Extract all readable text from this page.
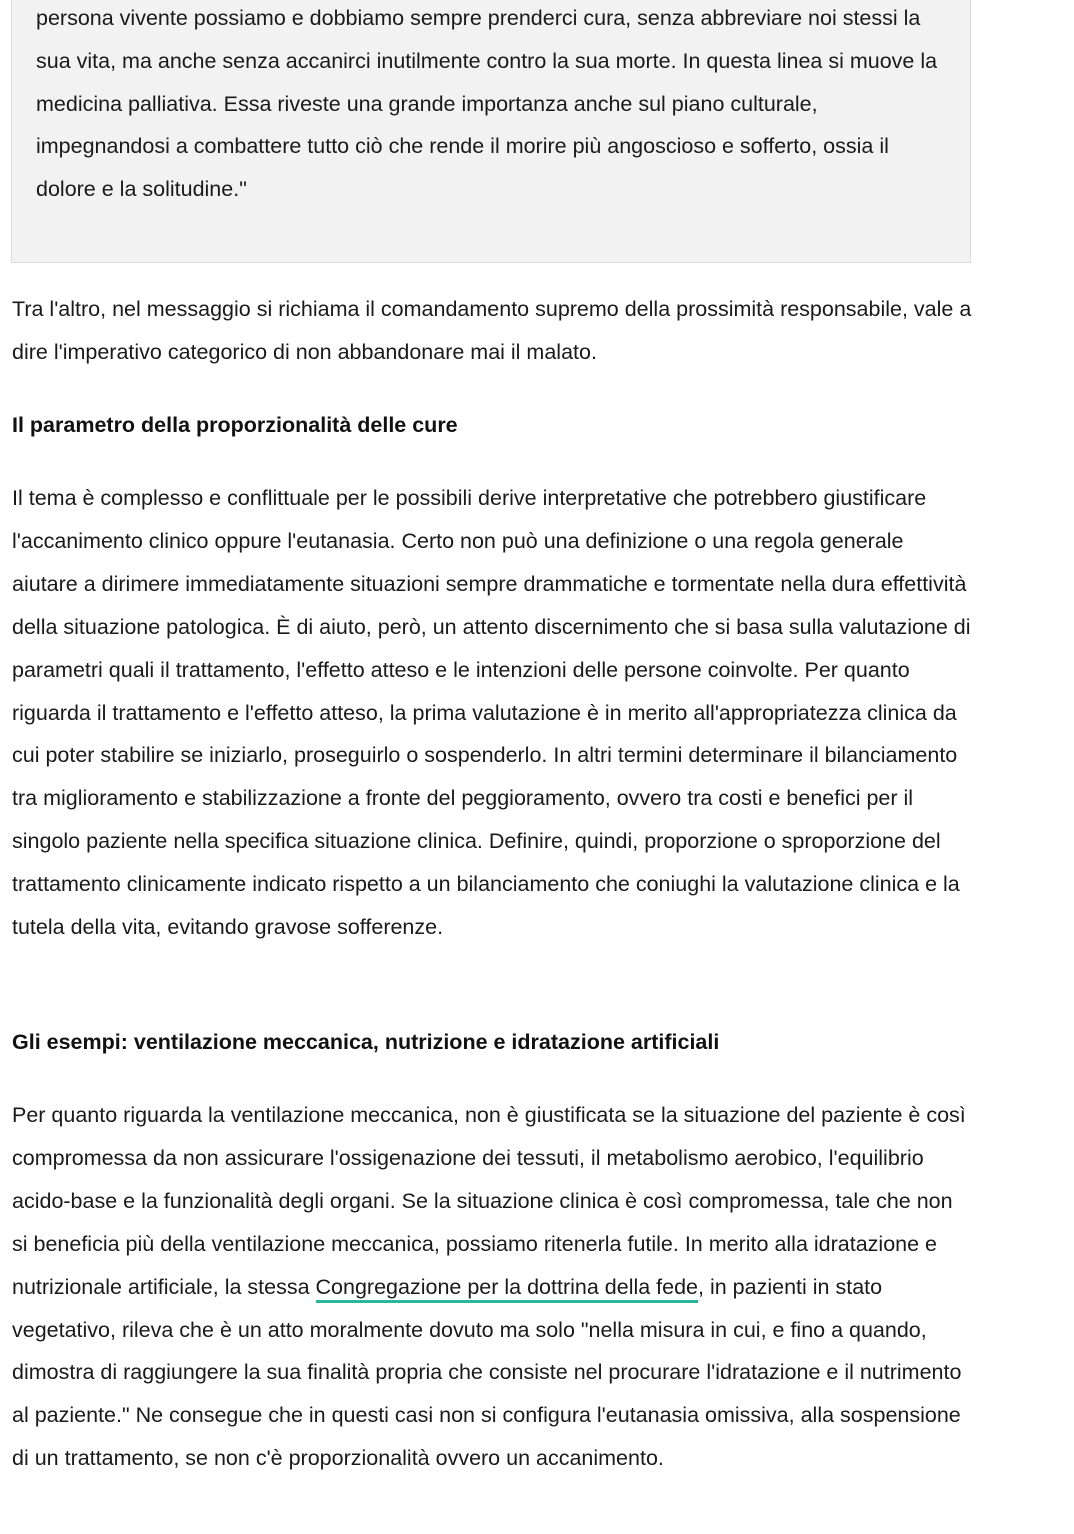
persona vivente possiamo e dobbiamo sempre prenderci cura, senza abbreviare noi stessi la sua vita, ma anche senza accanirci inutilmente contro la sua morte. In questa linea si muove la medicina palliativa. Essa riveste una grande importanza anche sul piano culturale, impegnandosi a combattere tutto ciò che rende il morire più angoscioso e sofferto, ossia il dolore e la solitudine."

Tra l'altro, nel messaggio si richiama il comandamento supremo della prossimità responsabile, vale a dire l'imperativo categorico di non abbandonare mai il malato.

Il parametro della proporzionalità delle cure

Il tema è complesso e conflittuale per le possibili derive interpretative che potrebbero giustificare l'accanimento clinico oppure l'eutanasia. Certo non può una definizione o una regola generale aiutare a dirimere immediatamente situazioni sempre drammatiche e tormentate nella dura effettività della situazione patologica. È di aiuto, però, un attento discernimento che si basa sulla valutazione di parametri quali il trattamento, l'effetto atteso e le intenzioni delle persone coinvolte. Per quanto riguarda il trattamento e l'effetto atteso, la prima valutazione è in merito all'appropriatezza clinica da cui poter stabilire se iniziarlo, proseguirlo o sospenderlo. In altri termini determinare il bilanciamento tra miglioramento e stabilizzazione a fronte del peggioramento, ovvero tra costi e benefici per il singolo paziente nella specifica situazione clinica. Definire, quindi, proporzione o sproporzione del trattamento clinicamente indicato rispetto a un bilanciamento che coniughi la valutazione clinica e la tutela della vita, evitando gravose sofferenze.

Gli esempi: ventilazione meccanica, nutrizione e idratazione artificiali

Per quanto riguarda la ventilazione meccanica, non è giustificata se la situazione del paziente è così compromessa da non assicurare l'ossigenazione dei tessuti, il metabolismo aerobico, l'equilibrio acido-base e la funzionalità degli organi. Se la situazione clinica è così compromessa, tale che non si beneficia più della ventilazione meccanica, possiamo ritenerla futile. In merito alla idratazione e nutrizionale artificiale, la stessa Congregazione per la dottrina della fede, in pazienti in stato vegetativo, rileva che è un atto moralmente dovuto ma solo "nella misura in cui, e fino a quando, dimostra di raggiungere la sua finalità propria che consiste nel procurare l'idratazione e il nutrimento al paziente." Ne consegue che in questi casi non si configura l'eutanasia omissiva, alla sospensione di un trattamento, se non c'è proporzionalità ovvero un accanimento.
